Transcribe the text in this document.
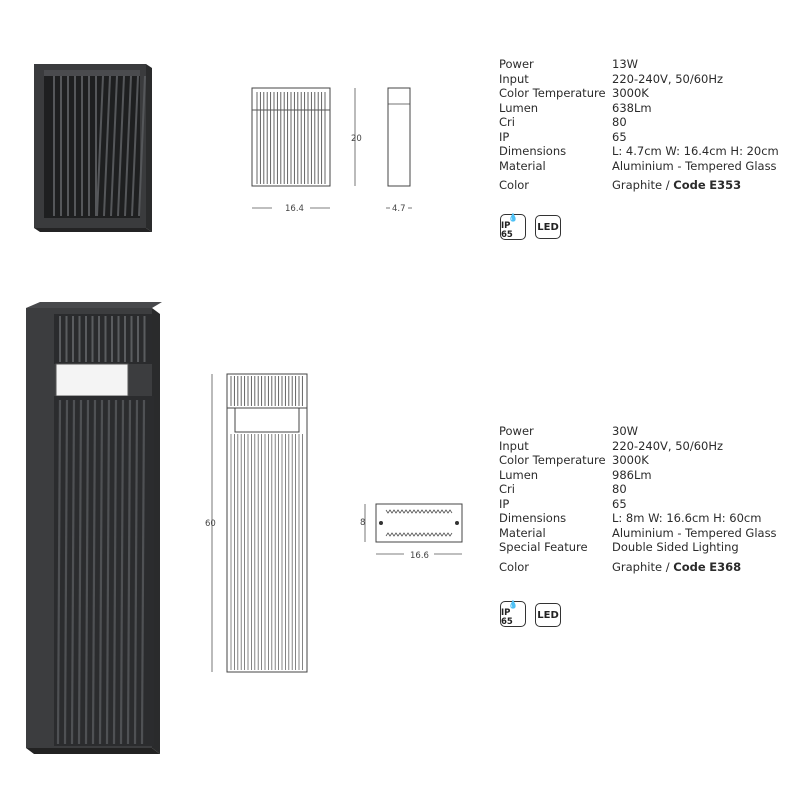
16.4
20
4.7
Power	13W
Input	220-240V, 50/60Hz
Color Temperature 3000K
Lumen	638Lm
Cri	80
IP	65
Dimensions	L: 4.7cm W: 16.4cm H: 20cm
Material	Aluminium - Tempered Glass
Color	Graphite / Code E353
💧
IP 65
LED
60	8
16.6
Power	30W
Input	220-240V, 50/60Hz
Color Temperature 3000K
Lumen	986Lm
Cri	80
IP	65
Dimensions	L: 8m W: 16.6cm H: 60cm
Material	Aluminium - Tempered Glass
Special Feature	Double Sided Lighting
Color	Graphite / Code E368
💧
IP 65
LED
